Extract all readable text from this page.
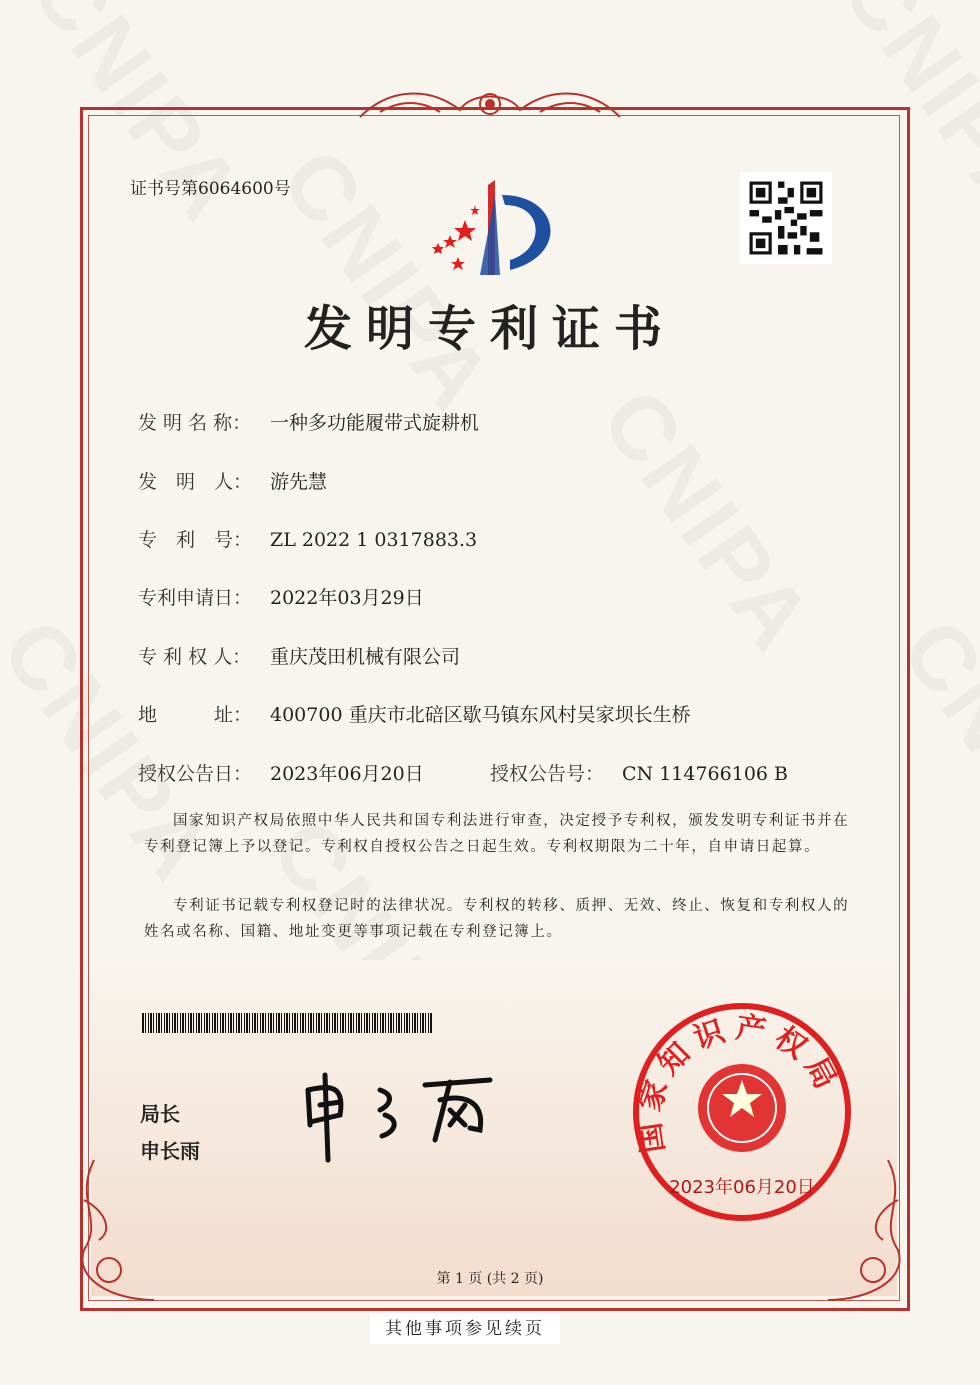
证书号第6064600号
发明专利证书
发 明 名 称： 一种多功能履带式旋耕机
发　明　人： 游先慧
专　利　号： ZL 2022 1 0317883.3
专利申请日： 2022年03月29日
专 利 权 人： 重庆茂田机械有限公司
地　　　址： 400700 重庆市北碚区歇马镇东风村吴家坝长生桥
授权公告日： 2023年06月20日	授权公告号： CN 114766106 B
国家知识产权局依照中华人民共和国专利法进行审查，决定授予专利权，颁发发明专利证书并在专利登记簿上予以登记。专利权自授权公告之日起生效。专利权期限为二十年，自申请日起算。
专利证书记载专利权登记时的法律状况。专利权的转移、质押、无效、终止、恢复和专利权人的姓名或名称、国籍、地址变更等事项记载在专利登记簿上。
局长
申长雨	国家知识产权局
2023年06月20日
第 1 页 (共 2 页)
其他事项参见续页
